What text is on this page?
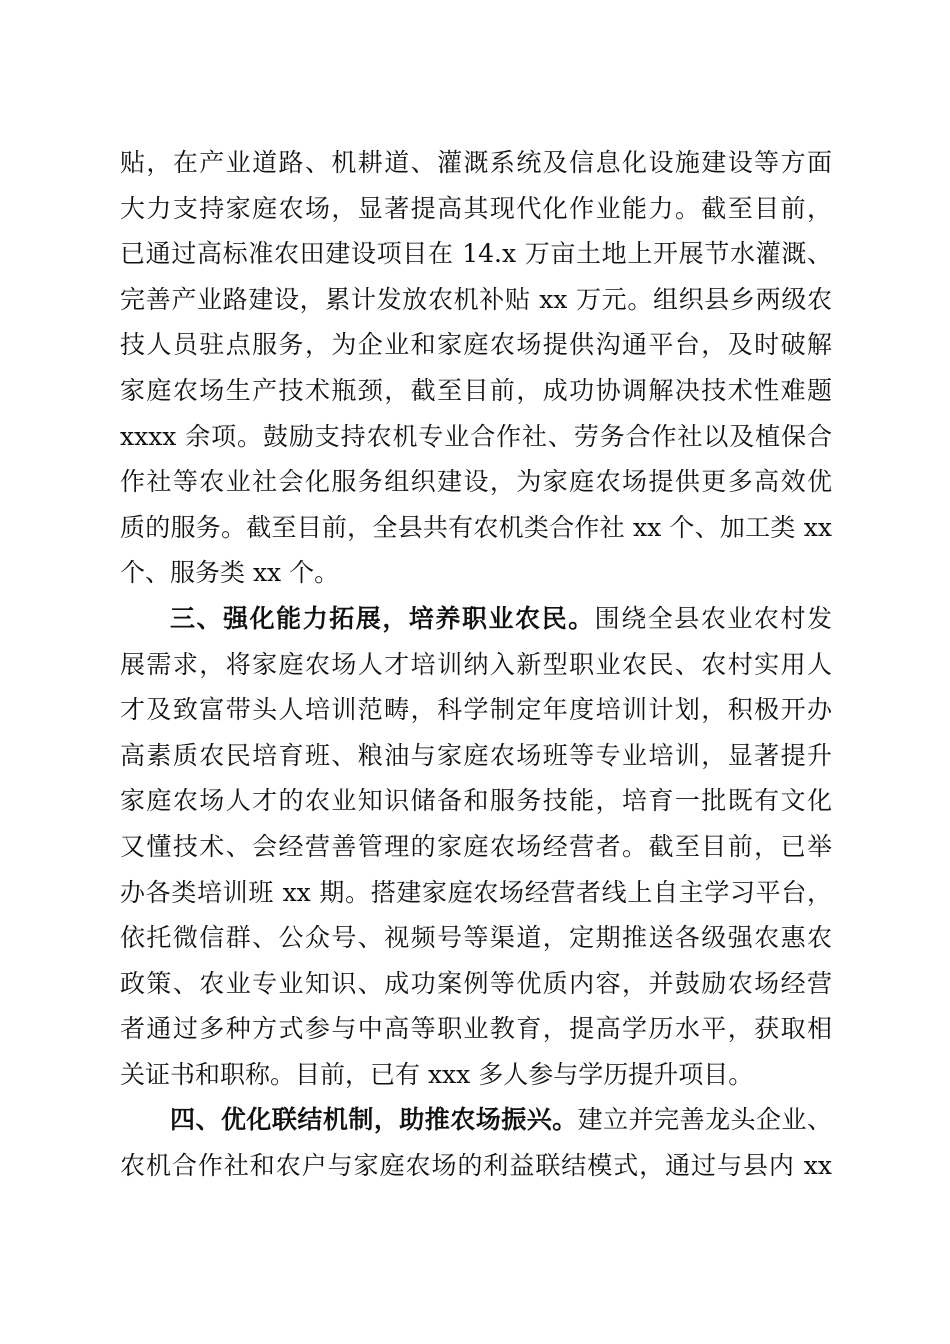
贴，在产业道路、机耕道、灌溉系统及信息化设施建设等方面
大力支持家庭农场，显著提高其现代化作业能力。截至目前，
已通过高标准农田建设项目在 14.x 万亩土地上开展节水灌溉、
完善产业路建设，累计发放农机补贴 xx 万元。组织县乡两级农
技人员驻点服务，为企业和家庭农场提供沟通平台，及时破解
家庭农场生产技术瓶颈，截至目前，成功协调解决技术性难题
xxxx 余项。鼓励支持农机专业合作社、劳务合作社以及植保合
作社等农业社会化服务组织建设，为家庭农场提供更多高效优
质的服务。截至目前，全县共有农机类合作社 xx 个、加工类 xx
个、服务类 xx 个。
三、强化能力拓展，培养职业农民。围绕全县农业农村发
展需求，将家庭农场人才培训纳入新型职业农民、农村实用人
才及致富带头人培训范畴，科学制定年度培训计划，积极开办
高素质农民培育班、粮油与家庭农场班等专业培训，显著提升
家庭农场人才的农业知识储备和服务技能，培育一批既有文化
又懂技术、会经营善管理的家庭农场经营者。截至目前，已举
办各类培训班 xx 期。搭建家庭农场经营者线上自主学习平台，
依托微信群、公众号、视频号等渠道，定期推送各级强农惠农
政策、农业专业知识、成功案例等优质内容，并鼓励农场经营
者通过多种方式参与中高等职业教育，提高学历水平，获取相
关证书和职称。目前，已有 xxx 多人参与学历提升项目。
四、优化联结机制，助推农场振兴。建立并完善龙头企业、
农机合作社和农户与家庭农场的利益联结模式，通过与县内 xx
